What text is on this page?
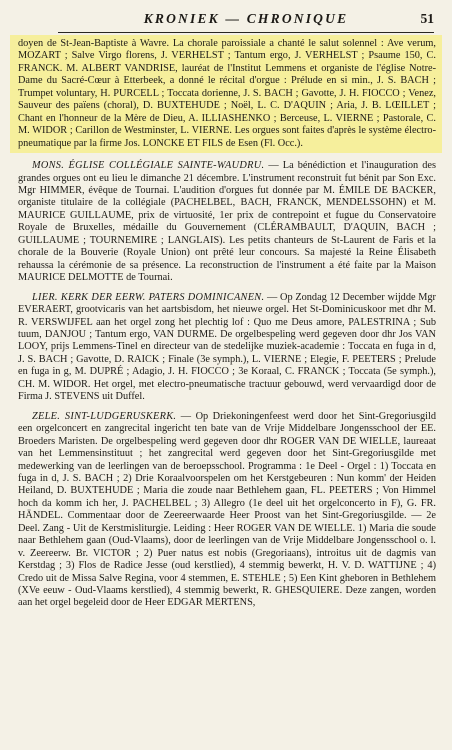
KRONIEK — CHRONIQUE	51

doyen de St-Jean-Baptiste à Wavre. La chorale paroissiale a chanté le salut solennel : Ave verum, MOZART ; Salve Virgo florens, J. VERHELST ; Tantum ergo, J. VERHELST ; Psaume 150, C. FRANCK. M. ALBERT VANDRISE, lauréat de l'Institut Lemmens et organiste de l'église Notre-Dame du Sacré-Cœur à Etterbeek, a donné le récital d'orgue : Prélude en si min., J. S. BACH ; Trumpet voluntary, H. PURCELL ; Toccata dorienne, J. S. BACH ; Gavotte, J. H. FIOCCO ; Venez, Sauveur des païens (choral), D. BUXTEHUDE ; Noël, L. C. D'AQUIN ; Aria, J. B. LŒILLET ; Chant en l'honneur de la Mère de Dieu, A. ILLIASHENKO ; Berceuse, L. VIERNE ; Pastorale, C. M. WIDOR ; Carillon de Westminster, L. VIERNE. Les orgues sont faites d'après le système électro-pneumatique par la firme Jos. LONCKE ET FILS de Esen (Fl. Occ.).

MONS. ÉGLISE COLLÉGIALE SAINTE-WAUDRU. — La bénédiction et l'inauguration des grandes orgues ont eu lieu le dimanche 21 décembre. L'instrument reconstruit fut bénit par Son Exc. Mgr HIMMER, évêque de Tournai. L'audition d'orgues fut donnée par M. ÉMILE DE BACKER, organiste titulaire de la collégiale (PACHELBEL, BACH, FRANCK, MENDELSSOHN) et M. MAURICE GUILLAUME, prix de virtuosité, 1er prix de contrepoint et fugue du Conservatoire Royale de Bruxelles, médaille du Gouvernement (CLÉRAMBAULT, D'AQUIN, BACH ; GUILLAUME ; TOURNEMIRE ; LANGLAIS). Les petits chanteurs de St-Laurent de Faris et la chorale de la Bouverie (Royale Union) ont prêté leur concours. Sa majesté la Reine Élisabeth rehaussa la cérémonie de sa présence. La reconstruction de l'instrument a été faite par la Maison MAURICE DELMOTTE de Tournai.

LIER. KERK DER EERW. PATERS DOMINICANEN. — Op Zondag 12 December wijdde Mgr EVERAERT, grootvicaris van het aartsbisdom, het nieuwe orgel. Het St-Dominicuskoor met dhr M. R. VERSWIJFEL aan het orgel zong het plechtig lof : Quo me Deus amore, PALESTRINA ; Sub tuum, DANJOU ; Tantum ergo, VAN DURME. De orgelbespeling werd gegeven door dhr Jos VAN LOOY, prijs Lemmens-Tinel en directeur van de stedelijke muziek-academie : Toccata en fuga in d, J. S. BACH ; Gavotte, D. RAICK ; Finale (3e symph.), L. VIERNE ; Elegie, F. PEETERS ; Prelude en fuga in g, M. DUPRÉ ; Adagio, J. H. FIOCCO ; 3e Koraal, C. FRANCK ; Toccata (5e symph.), CH. M. WIDOR. Het orgel, met electro-pneumatische tractuur gebouwd, werd vervaardigd door de Firma J. STEVENS uit Duffel.

ZELE. SINT-LUDGERUSKERK. — Op Driekoningenfeest werd door het Sint-Gregoriusgild een orgelconcert en zangrecital ingericht ten bate van de Vrije Middelbare Jongensschool der EE. Broeders Maristen. De orgelbespeling werd gegeven door dhr ROGER VAN DE WIELLE, laureaat van het Lemmensinstituut ; het zangrecital werd gegeven door het Sint-Gregoriusgilde met medewerking van de leerlingen van de beroepsschool. Programma : 1e Deel - Orgel : 1) Toccata en fuga in d, J. S. BACH ; 2) Drie Koraalvoorspelen om het Kerstgebeuren : Nun komm' der Heiden Heiland, D. BUXTEHUDE ; Maria die zoude naar Bethlehem gaan, FL. PEETERS ; Von Himmel hoch da komm ich her, J. PACHELBEL ; 3) Allegro (1e deel uit het orgelconcerto in F), G. FR. HÄNDEL. Commentaar door de Zeereerwaarde Heer Proost van het Sint-Gregoriusgilde. — 2e Deel. Zang - Uit de Kerstmisliturgie. Leiding : Heer ROGER VAN DE WIELLE. 1) Maria die soude naar Bethlehem gaan (Oud-Vlaams), door de leerlingen van de Vrije Middelbare Jongensschool o. l. v. Zeereerw. Br. VICTOR ; 2) Puer natus est nobis (Gregoriaans), introitus uit de dagmis van Kerstdag ; 3) Flos de Radice Jesse (oud kerstlied), 4 stemmig bewerkt, H. V. D. WATTIJNE ; 4) Credo uit de Missa Salve Regina, voor 4 stemmen, E. STEHLE ; 5) Een Kint gheboren in Bethlehem (XVe eeuw - Oud-Vlaams kerstlied), 4 stemmig bewerkt, R. GHESQUIERE. Deze zangen, worden aan het orgel begeleid door de Heer EDGAR MERTENS,
